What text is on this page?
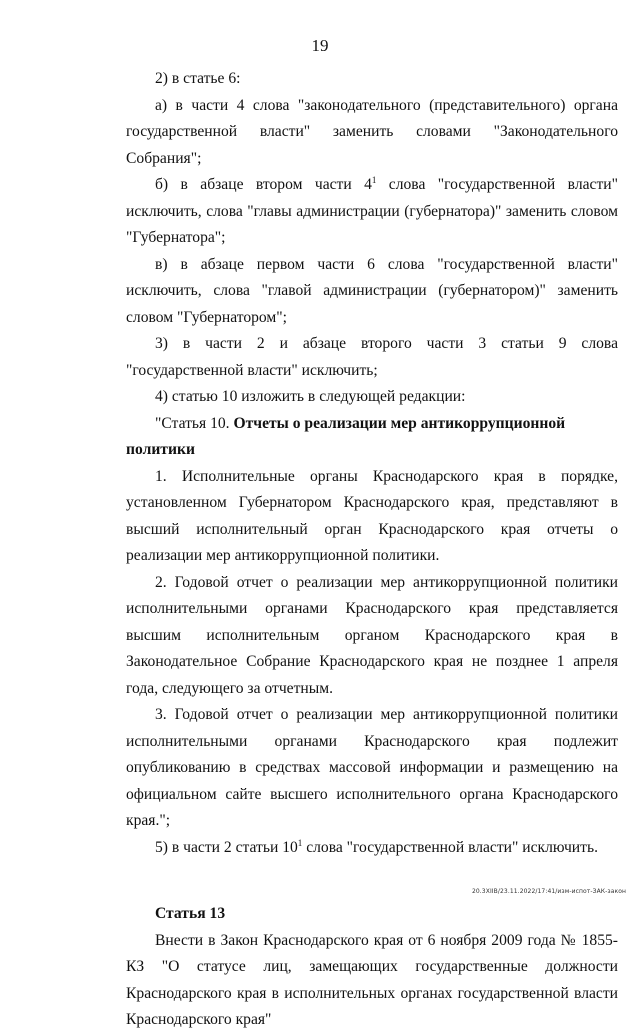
19

2) в статье 6:

а) в части 4 слова "законодательного (представительного) органа государственной власти" заменить словами "Законодательного Собрания";

б) в абзаце втором части $4^1$ слова "государственной власти" исключить, слова "главы администрации (губернатора)" заменить словом "Губернатора";

в) в абзаце первом части 6 слова "государственной власти" исключить, слова "главой администрации (губернатором)" заменить словом "Губернатором";

3) в части 2 и абзаце второго части 3 статьи 9 слова "государственной власти" исключить;

4) статью 10 изложить в следующей редакции:

"Статья 10. Отчеты о реализации мер антикоррупционной политики

1. Исполнительные органы Краснодарского края в порядке, установленном Губернатором Краснодарского края, представляют в высший исполнительный орган Краснодарского края отчеты о реализации мер антикоррупционной политики.

2. Годовой отчет о реализации мер антикоррупционной политики исполнительными органами Краснодарского края представляется высшим исполнительным органом Краснодарского края в Законодательное Собрание Краснодарского края не позднее 1 апреля года, следующего за отчетным.

3. Годовой отчет о реализации мер антикоррупционной политики исполнительными органами Краснодарского края подлежит опубликованию в средствах массовой информации и размещению на официальном сайте высшего исполнительного органа Краснодарского края.";

5) в части 2 статьи $10^1$ слова "государственной власти" исключить.

Статья 13

Внести в Закон Краснодарского края от 6 ноября 2009 года № 1855-КЗ "О статусе лиц, замещающих государственные должности Краснодарского края в исполнительных органах государственной власти Краснодарского края"

20.3XIIB/23.11.2022/17:41/изм-испот-ЗАК-закон
